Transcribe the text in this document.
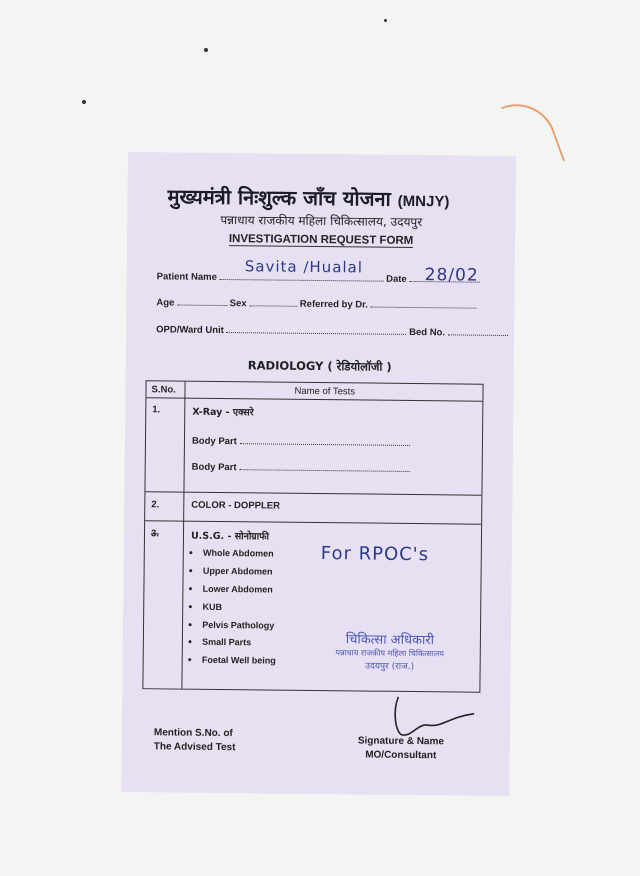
मुख्यमंत्री निःशुल्क जाँच योजना (MNJY)
पन्नाधाय राजकीय महिला चिकित्सालय, उदयपुर
INVESTIGATION REQUEST FORM
Patient Name	Date
Savita /Hualal	28/02
Age	Sex	Referred by Dr.
OPD/Ward Unit	Bed No.
RADIOLOGY ( रेडियोलॉजी )
S.No.	Name of Tests
1.	X-Ray - एक्सरे
Body Part
Body Part
2.	COLOR - DOPPLER
3.	U.S.G. - सोनोग्राफी
● Whole Abdomen
● Upper Abdomen
● Lower Abdomen
● KUB
● Pelvis Pathology
● Small Parts
● Foetal Well being
For RPOC's
चिकित्सा अधिकारी
पन्नाधाय राजकीय महिला चिकित्सालय
उदयपुर (राज.)
Mention S.No. of
The Advised Test	Signature & Name
MO/Consultant
